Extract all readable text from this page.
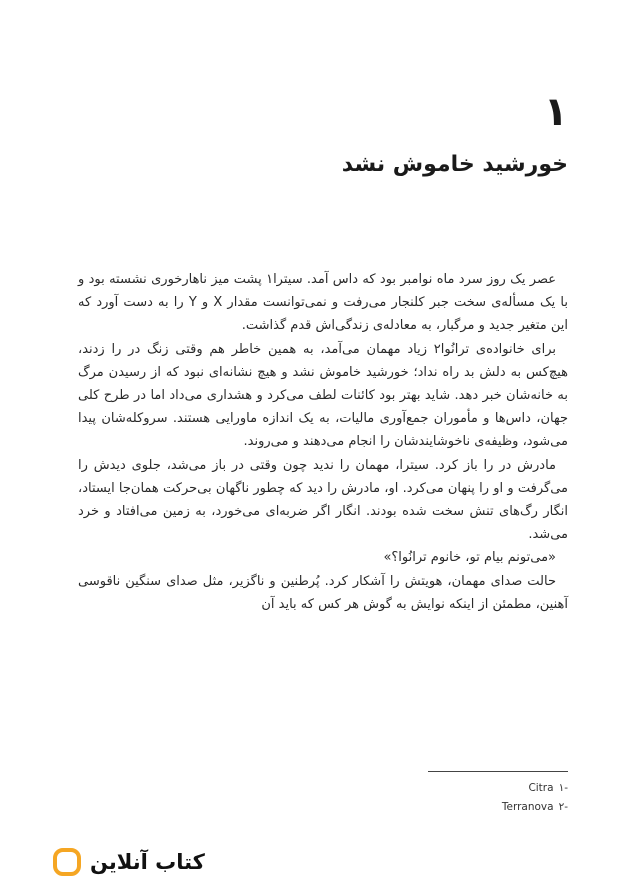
۱
خورشید خاموش نشد

عصر یک روز سرد ماه نوامبر بود که داس آمد. سیترا۱ پشت میز ناهارخوری نشسته بود و با یک مسأله‌ی سخت جبر کلنجار می‌رفت و نمی‌توانست مقدار X و Y را به دست آورد که این متغیر جدید و مرگبار، به معادله‌ی زندگی‌اش قدم گذاشت.

برای خانواده‌ی ترانُوا۲ زیاد مهمان می‌آمد، به همین خاطر هم وقتی زنگ در را زدند، هیچ‌کس به دلش بد راه نداد؛ خورشید خاموش نشد و هیچ نشانه‌ای نبود که از رسیدن مرگ به خانه‌شان خبر دهد. شاید بهتر بود کائنات لطف می‌کرد و هشداری می‌داد اما در طرح کلی جهان، داس‌ها و مأموران جمع‌آوری مالیات، به یک اندازه ماورایی هستند. سروکله‌شان پیدا می‌شود، وظیفه‌ی ناخوشایندشان را انجام می‌دهند و می‌روند.

مادرش در را باز کرد. سیترا، مهمان را ندید چون وقتی در باز می‌شد، جلوی دیدش را می‌گرفت و او را پنهان می‌کرد. او، مادرش را دید که چطور ناگهان بی‌حرکت همان‌جا ایستاد، انگار رگ‌های تنش سخت شده بودند. انگار اگر ضربه‌ای می‌خورد، به زمین می‌افتاد و خرد می‌شد.

«می‌تونم بیام تو، خانوم ترانُوا؟»

حالت صدای مهمان، هویتش را آشکار کرد. پُرطنین و ناگزیر، مثل صدای سنگین ناقوسی آهنین، مطمئن از اینکه نوایش به گوش هر کس که باید آن

-۱
Citra
-۲
Terranova
کتاب آنلاین
